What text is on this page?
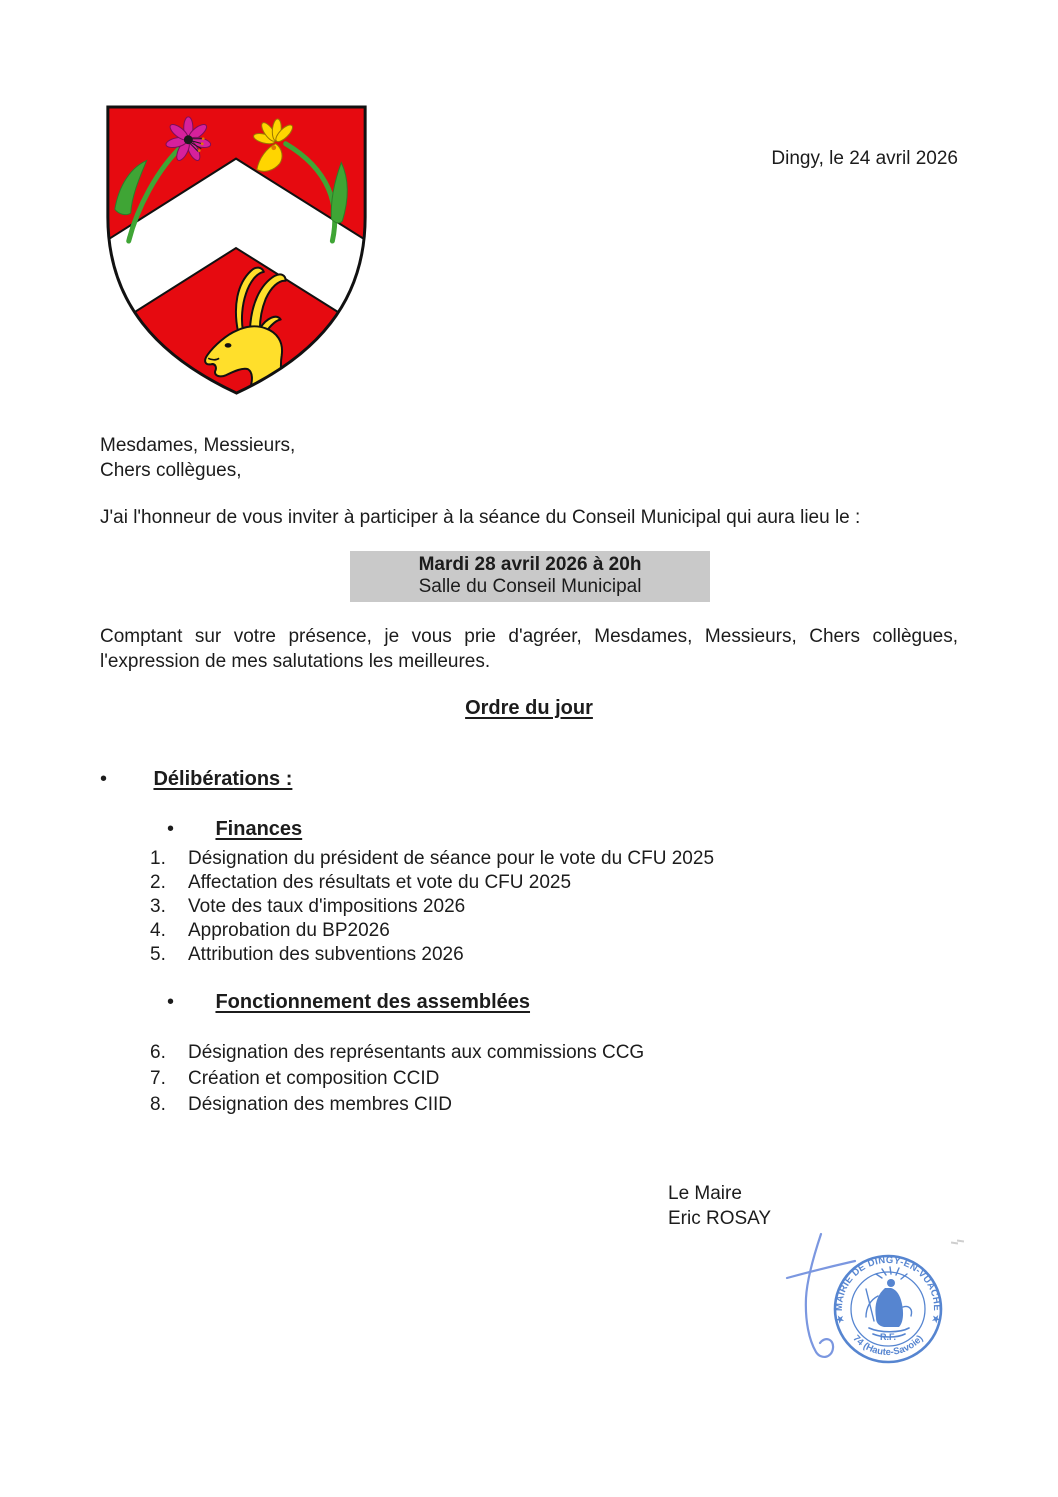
Dingy, le 24 avril 2026
Mesdames, Messieurs,
Chers collègues,
J'ai l'honneur de vous inviter à participer à la séance du Conseil Municipal qui aura lieu le :
Mardi 28 avril 2026 à 20h
Salle du Conseil Municipal
Comptant sur votre présence, je vous prie d'agréer, Mesdames, Messieurs, Chers collègues, l'expression de mes salutations les meilleures.
Ordre du jour
• Délibérations :
• Finances
1. Désignation du président de séance pour le vote du CFU 2025
2. Affectation des résultats et vote du CFU 2025
3. Vote des taux d'impositions 2026
4. Approbation du BP2026
5. Attribution des subventions 2026
• Fonctionnement des assemblées
6. Désignation des représentants aux commissions CCG
7. Création et composition CCID
8. Désignation des membres CIID
Le Maire
Eric ROSAY
★ MAIRIE DE DINGY-EN-VUACHE ★
74 (Haute-Savoie)
R.F.
